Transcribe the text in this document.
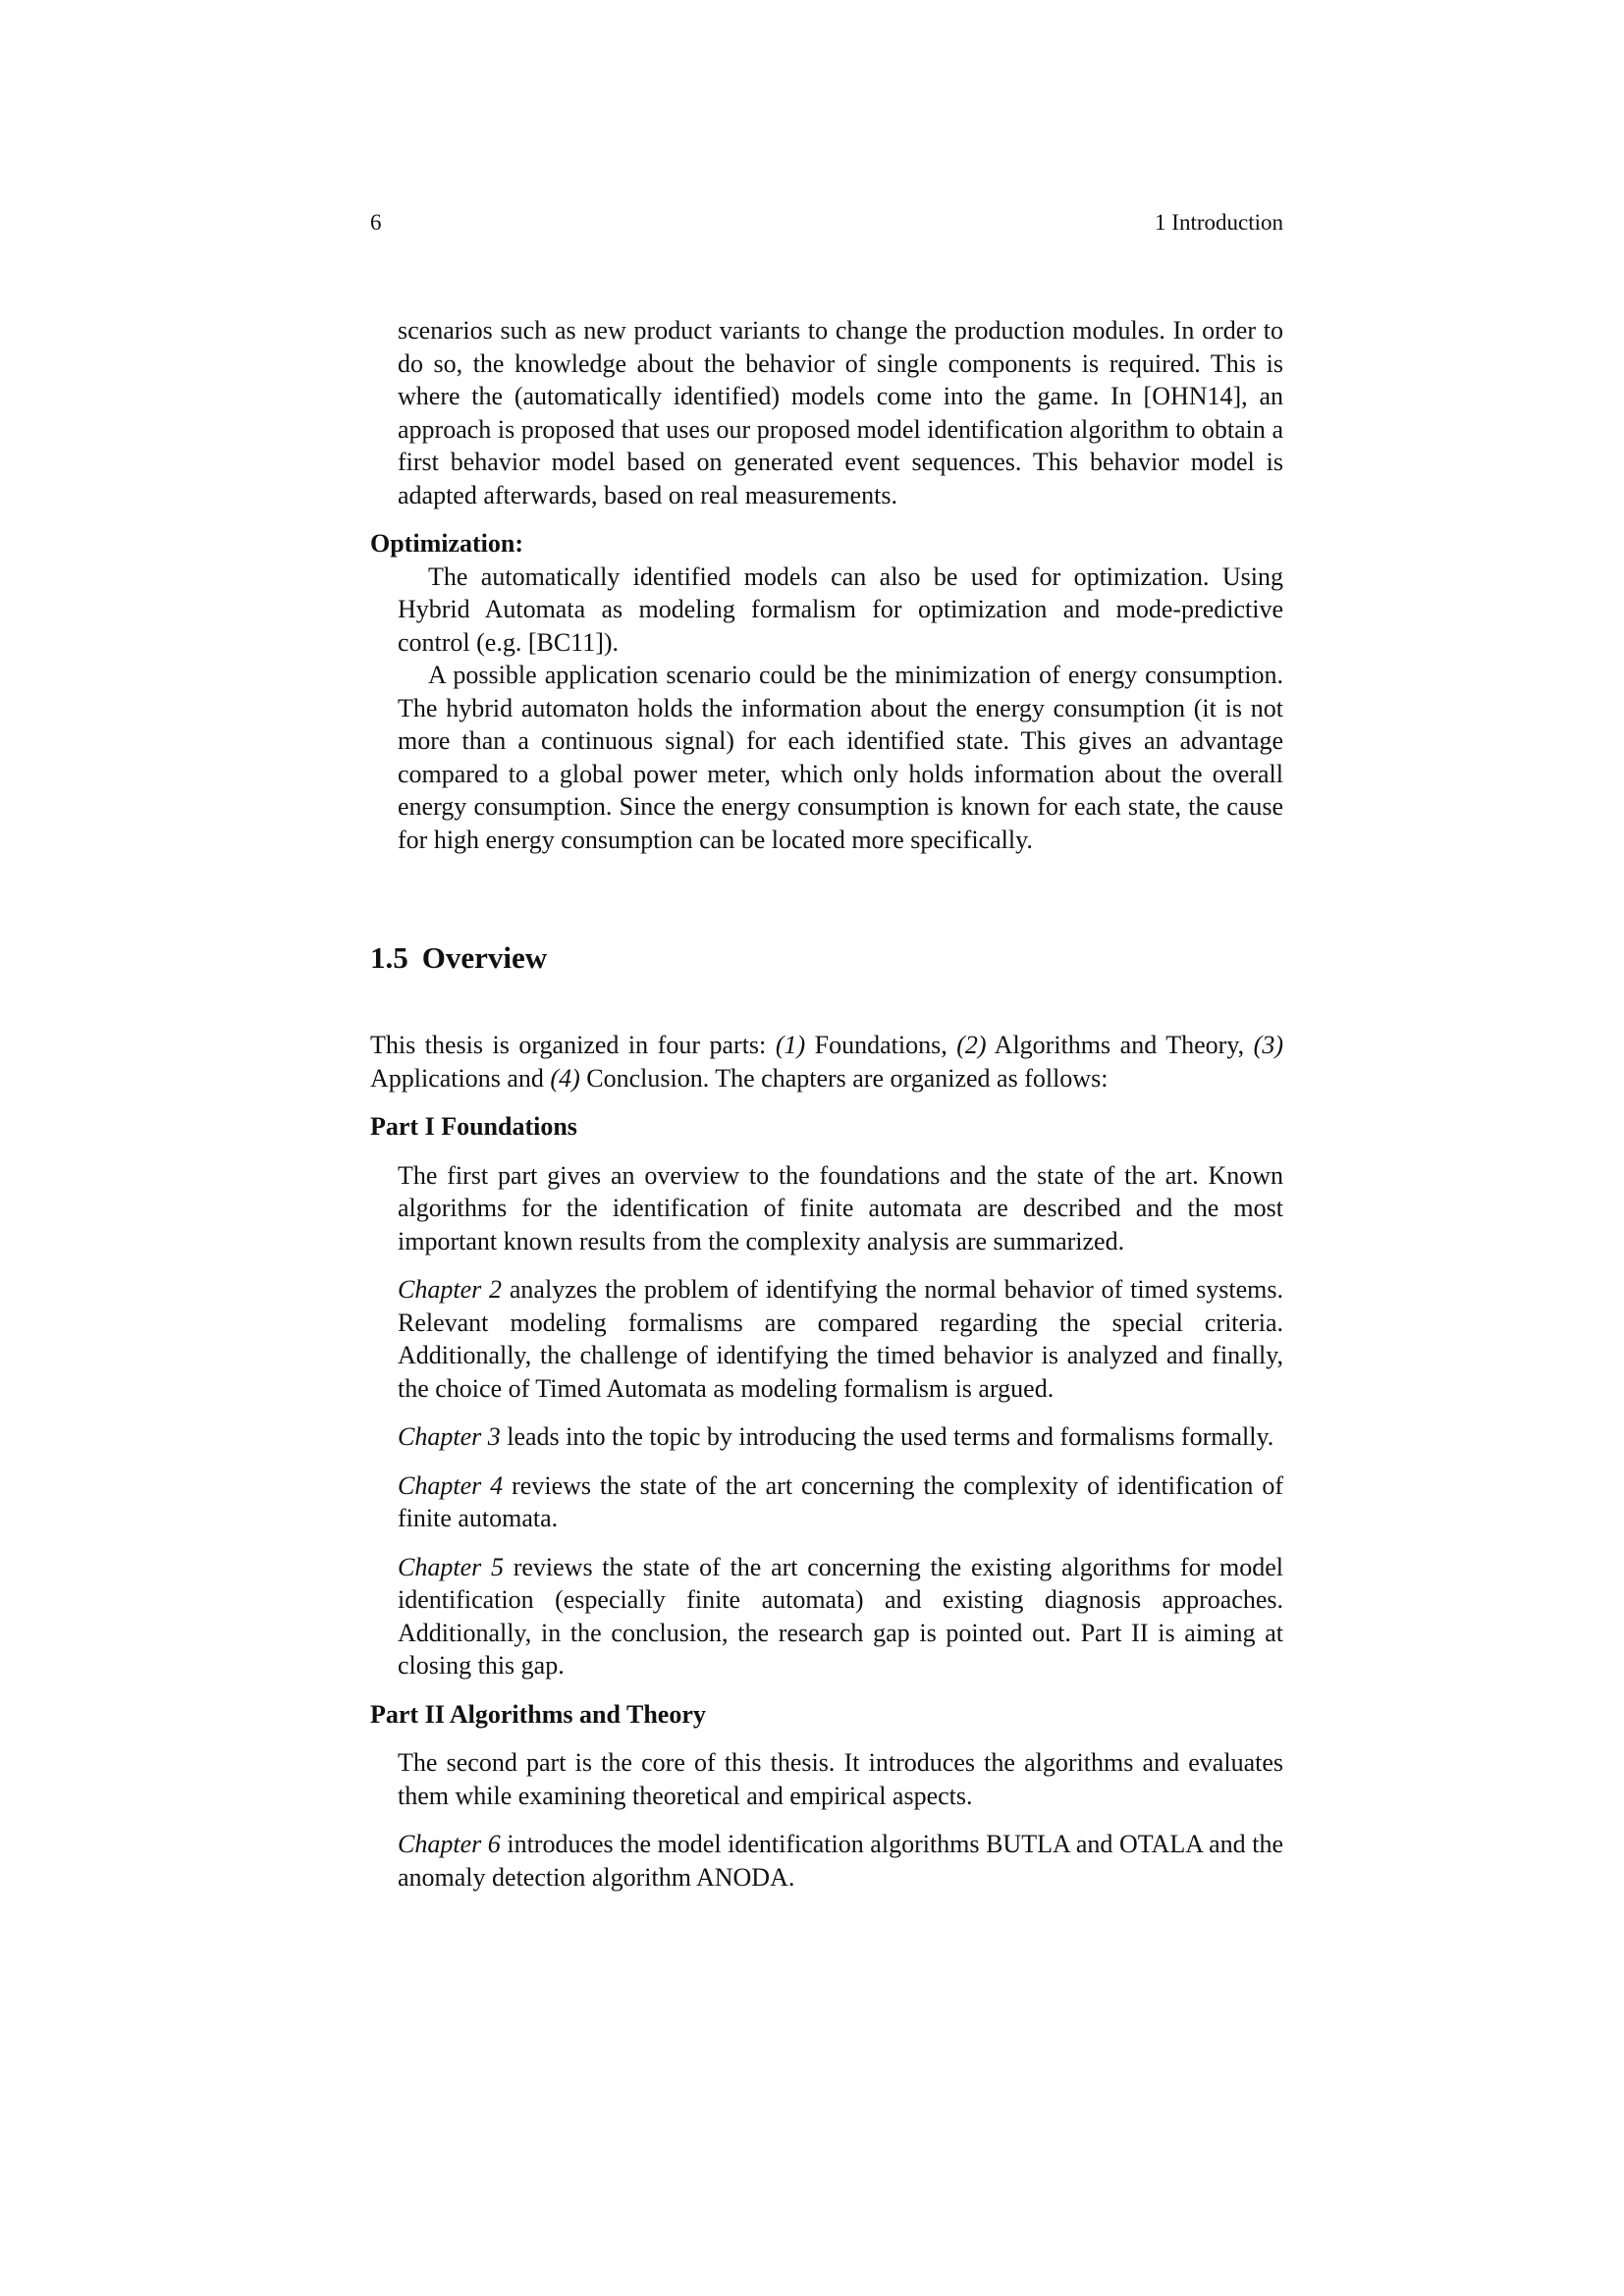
6	1 Introduction

scenarios such as new product variants to change the production modules. In order to do so, the knowledge about the behavior of single components is required. This is where the (automatically identified) models come into the game. In [OHN14], an approach is proposed that uses our proposed model identification algorithm to obtain a first behavior model based on generated event sequences. This behavior model is adapted afterwards, based on real measurements.

Optimization:

The automatically identified models can also be used for optimization. Using Hybrid Automata as modeling formalism for optimization and mode-predictive control (e.g. [BC11]).

A possible application scenario could be the minimization of energy consumption. The hybrid automaton holds the information about the energy consumption (it is not more than a continuous signal) for each identified state. This gives an advantage compared to a global power meter, which only holds information about the overall energy consumption. Since the energy consumption is known for each state, the cause for high energy consumption can be located more specifically.

1.5 Overview

This thesis is organized in four parts: (1) Foundations, (2) Algorithms and Theory, (3) Applications and (4) Conclusion. The chapters are organized as follows:

Part I Foundations

The first part gives an overview to the foundations and the state of the art. Known algorithms for the identification of finite automata are described and the most important known results from the complexity analysis are summarized.

Chapter 2 analyzes the problem of identifying the normal behavior of timed systems. Relevant modeling formalisms are compared regarding the special criteria. Additionally, the challenge of identifying the timed behavior is analyzed and finally, the choice of Timed Automata as modeling formalism is argued.

Chapter 3 leads into the topic by introducing the used terms and formalisms formally.

Chapter 4 reviews the state of the art concerning the complexity of identification of finite automata.

Chapter 5 reviews the state of the art concerning the existing algorithms for model identification (especially finite automata) and existing diagnosis approaches. Additionally, in the conclusion, the research gap is pointed out. Part II is aiming at closing this gap.

Part II Algorithms and Theory

The second part is the core of this thesis. It introduces the algorithms and evaluates them while examining theoretical and empirical aspects.

Chapter 6 introduces the model identification algorithms BUTLA and OTALA and the anomaly detection algorithm ANODA.
